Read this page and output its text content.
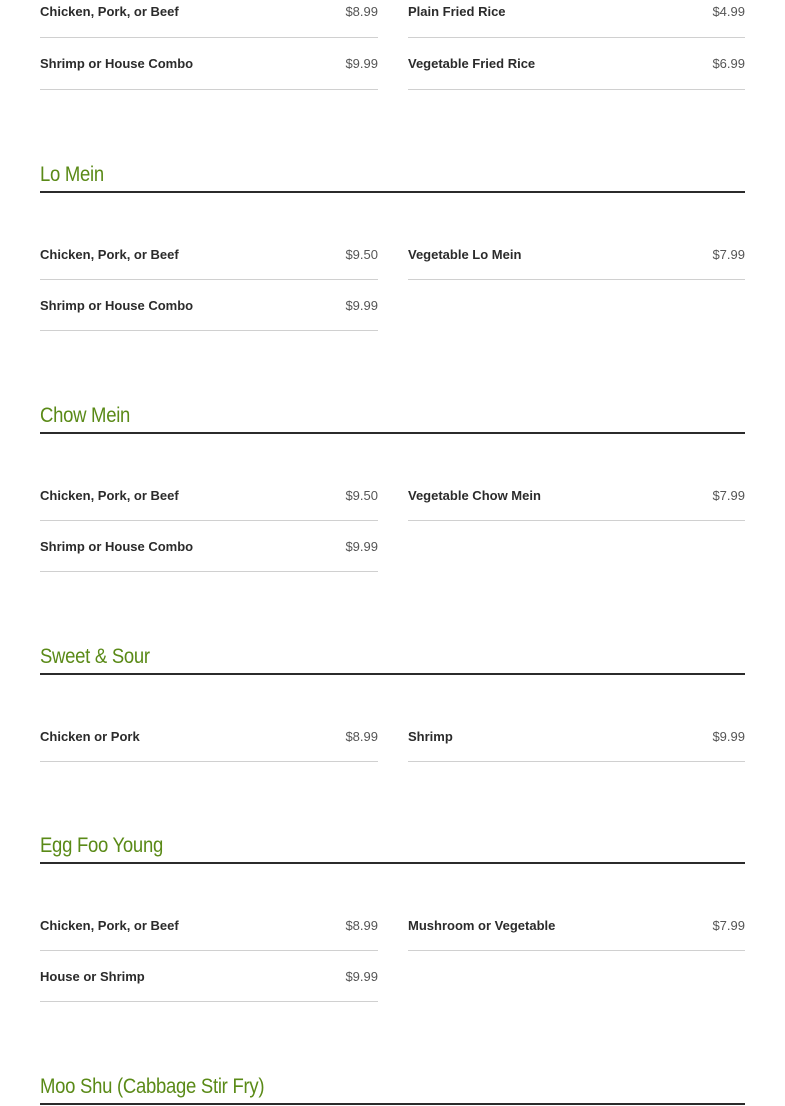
Chicken, Pork, or Beef	$8.99 Plain Fried Rice	$4.99
Shrimp or House Combo	$9.99 Vegetable Fried Rice	$6.99
Lo Mein
Chicken, Pork, or Beef	$9.50 Vegetable Lo Mein	$7.99
Shrimp or House Combo	$9.99
Chow Mein
Chicken, Pork, or Beef	$9.50 Vegetable Chow Mein	$7.99
Shrimp or House Combo	$9.99
Sweet & Sour
Chicken or Pork	$8.99 Shrimp	$9.99
Egg Foo Young
Chicken, Pork, or Beef	$8.99 Mushroom or Vegetable	$7.99
House or Shrimp	$9.99
Moo Shu (Cabbage Stir Fry)
